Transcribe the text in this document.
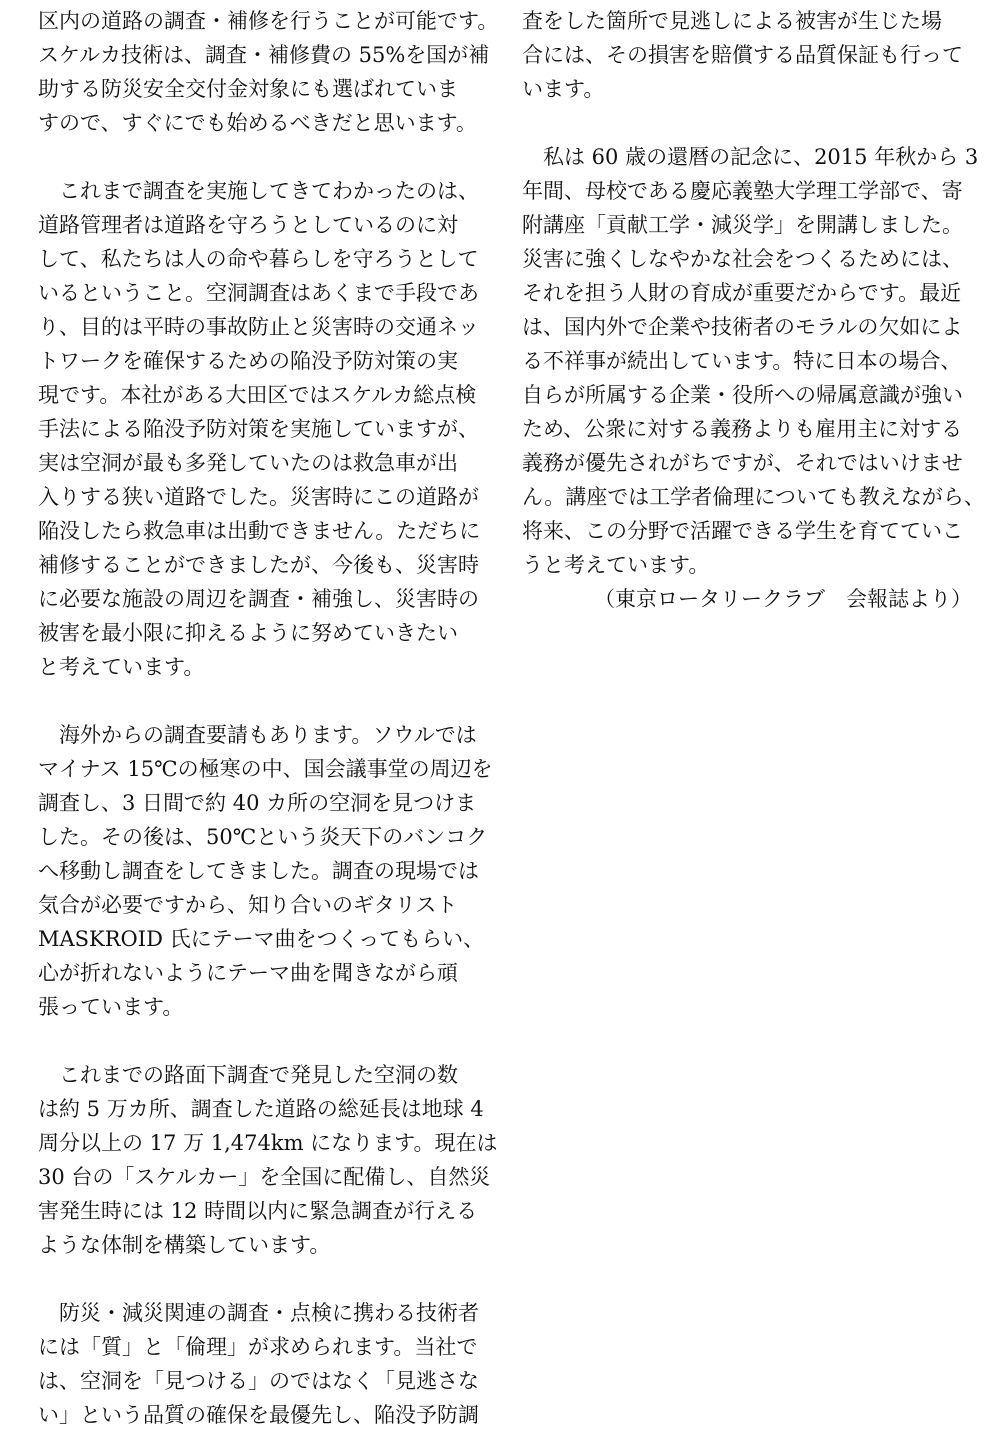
区内の道路の調査・補修を行うことが可能です。
スケルカ技術は、調査・補修費の 55%を国が補
助する防災安全交付金対象にも選ばれていま
すので、すぐにでも始めるべきだと思います。
　これまで調査を実施してきてわかったのは、
道路管理者は道路を守ろうとしているのに対
して、私たちは人の命や暮らしを守ろうとして
いるということ。空洞調査はあくまで手段であ
り、目的は平時の事故防止と災害時の交通ネッ
トワークを確保するための陥没予防対策の実
現です。本社がある大田区ではスケルカ総点検
手法による陥没予防対策を実施していますが、
実は空洞が最も多発していたのは救急車が出
入りする狭い道路でした。災害時にこの道路が
陥没したら救急車は出動できません。ただちに
補修することができましたが、今後も、災害時
に必要な施設の周辺を調査・補強し、災害時の
被害を最小限に抑えるように努めていきたい
と考えています。
　海外からの調査要請もあります。ソウルでは
マイナス 15℃の極寒の中、国会議事堂の周辺を
調査し、3 日間で約 40 カ所の空洞を見つけま
した。その後は、50℃という炎天下のバンコク
へ移動し調査をしてきました。調査の現場では
気合が必要ですから、知り合いのギタリスト
MASKROID 氏にテーマ曲をつくってもらい、
心が折れないようにテーマ曲を聞きながら頑
張っています。
　これまでの路面下調査で発見した空洞の数
は約 5 万カ所、調査した道路の総延長は地球 4
周分以上の 17 万 1,474km になります。現在は
30 台の「スケルカー」を全国に配備し、自然災
害発生時には 12 時間以内に緊急調査が行える
ような体制を構築しています。
　防災・減災関連の調査・点検に携わる技術者
には「質」と「倫理」が求められます。当社で
は、空洞を「見つける」のではなく「見逃さな
い」という品質の確保を最優先し、陥没予防調
査をした箇所で見逃しによる被害が生じた場
合には、その損害を賠償する品質保証も行って
います。
　私は 60 歳の還暦の記念に、2015 年秋から 3
年間、母校である慶応義塾大学理工学部で、寄
附講座「貢献工学・減災学」を開講しました。
災害に強くしなやかな社会をつくるためには、
それを担う人財の育成が重要だからです。最近
は、国内外で企業や技術者のモラルの欠如によ
る不祥事が続出しています。特に日本の場合、
自らが所属する企業・役所への帰属意識が強い
ため、公衆に対する義務よりも雇用主に対する
義務が優先されがちですが、それではいけませ
ん。講座では工学者倫理についても教えながら、
将来、この分野で活躍できる学生を育てていこ
うと考えています。
（東京ロータリークラブ　会報誌より）
